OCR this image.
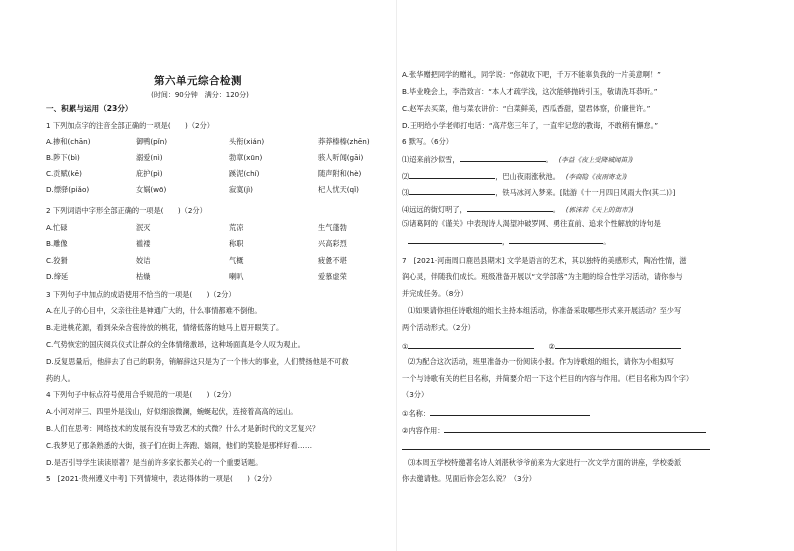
第六单元综合检测
(时间：90分钟　满分：120分)
一、积累与运用（23分）
1 下列加点字的注音全部正确的一项是(　　)（2分）
A.掺和(chān)	御鸭(pǐn)	头衔(xián)	莽莽榛榛(zhēn)
B.陟下(bì)	溺爱(nì)	勃章(xūn)	骇人听闻(gāi)
C.贡赋(kē)	庇护(pì)	蹊泥(chí)	随声附和(hè)
D.缥驿(piǎo)	女娲(wō)	寂寞(jì)	杞人忧天(qǐ)
2 下列词语中字形全部正确的一项是(　　)（2分）
A.忙碌	泯灭	荒凉	生气蓬勃
B.雕像	褴褛	称职	兴高彩烈
C.狡猾	姣诘	气概	疲惫不堪
D.缔延	枯燥	喇叭	爱慕虚荣
3 下列句子中加点的成语使用不恰当的一项是(　　)（2分）
A.在儿子的心目中，父亲往往是神通广大的，什么事情都难不倒他。
B.走进桃花源，看到朵朵含苞待放的桃花，情绪低落的她马上眉开眼笑了。
C.气势恢宏的国庆阅兵仪式让群众的全体情绪激昂，这种场面真是令人叹为观止。
D.反复思量后，他辞去了自己的职务，销解辞这只是为了一个伟大的事业，人们赞扬他是不可救
药的人。
4 下列句子中标点符号使用合乎规范的一项是(　　)（2分）
A.小河对岸三、四里外是浅山，好似细浪微澜，蜿蜒起伏，连接着高高的远山。
B.人们在思考：网络技术的发展有没有导致艺术的式微？什么才是新时代的文艺复兴？
C.我梦见了那条熟悉的大街，孩子们在街上奔跑、嬉闹，他们的笑脸是那样好看……
D.是否引导学生读读原著？是当前许多家长都关心的一个重要话题。
5　[2021·贵州遵义中考] 下列情境中，表达得体的一项是(　　)（2分）
A.张华赠把同学的赠礼，同学说：“你就收下吧，千万不能辜负我的一片美意啊！”
B.毕业晚会上，李浩致言：“本人才疏学浅，这次能够抛砖引玉，敬请洗耳恭听。”
C.赵军去买菜，他与菜农讲价：“白菜鲜美，西瓜香甜，望君体察，价廉世许。”
D.王明给小学老师打电话：“高芹您三年了，一直牢记您的教诲，不敢稍有懈怠。”
6 默写。（6分）
⑴迢来前沙似雪，	。 (李益《夜上受降城闻笛》)
⑵	，巴山夜雨涨秋池。 (李商隐《夜雨寄北》)
⑶	，铁马冰河入梦来。[陆游《十一月四日风雨大作(其二)》]
⑷远远的街灯明了，	。 (郭沫若《天上的街市》)
⑸诸葛阿的《谨关》中表现诗人渴望冲破罗网、勇往直前、追求个性解放的诗句是
，	。
7　[2021·河南周口鹿邑县期末] 文学是语言的艺术，其以独特的美感形式，陶冶性情，滋
润心灵，伴随我们成长。班级准备开展以“文学部落”为主题的综合性学习活动，请你参与
并完成任务。（8分）
⑴如果请你担任诗歌组的组长主持本组活动，你准备采取哪些形式来开展活动？至少写
两个活动形式。（2分）
①	②
⑵为配合这次活动，班里准备办一份阅读小报。作为诗歌组的组长，请你为小组拟写
一个与诗歌有关的栏目名称，并简要介绍一下这个栏目的内容与作用。（栏目名称为四个字）
（3分）
①名称：
②内容作用：
⑶本周五学校特邀著名诗人刘湛秋爷爷前来为大家进行一次文学方面的讲座，学校委派
你去邀请他。见面后你会怎么说？（3分）
